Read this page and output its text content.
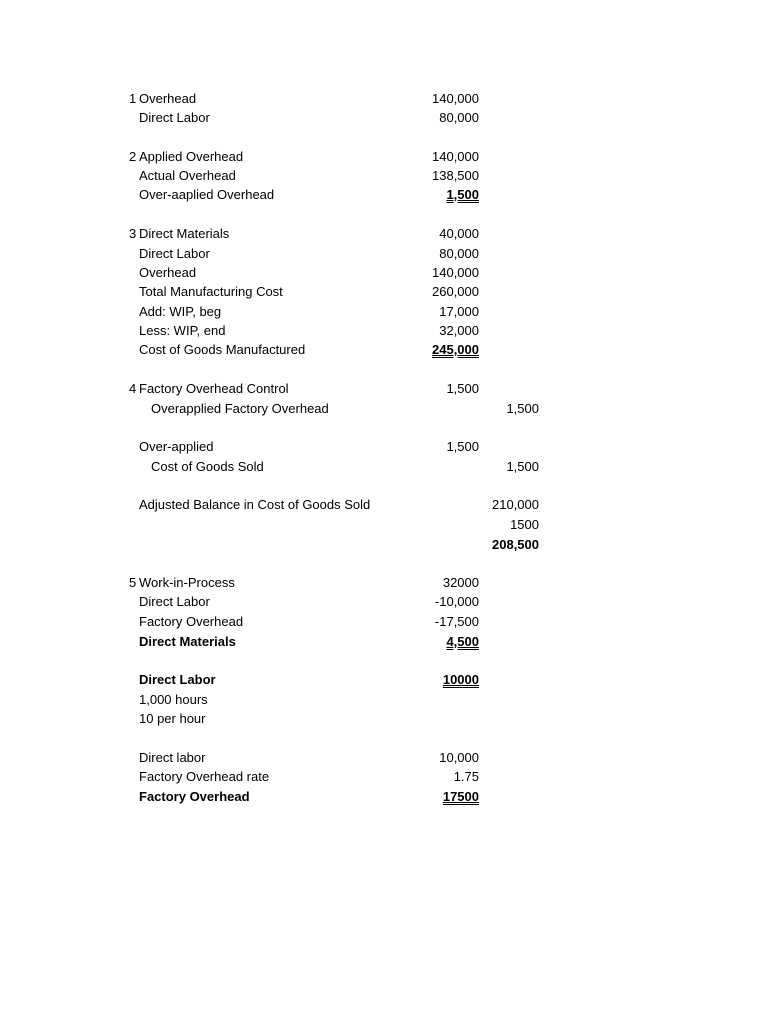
1 Overhead	140,000
Direct Labor	80,000
2 Applied Overhead	140,000
Actual Overhead	138,500
Over-aaplied Overhead	1,500
3 Direct Materials	40,000
Direct Labor	80,000
Overhead	140,000
Total Manufacturing Cost	260,000
Add: WIP, beg	17,000
Less: WIP, end	32,000
Cost of Goods Manufactured	245,000
4 Factory Overhead Control	1,500
Overapplied Factory Overhead	1,500
Over-applied	1,500
Cost of Goods Sold	1,500
Adjusted Balance in Cost of Goods Sold	210,000
1500
208,500
5 Work-in-Process	32000
Direct Labor	-10,000
Factory Overhead	-17,500
Direct Materials	4,500
Direct Labor	10000
1,000 hours
10 per hour
Direct labor	10,000
Factory Overhead rate	1.75
Factory Overhead	17500
